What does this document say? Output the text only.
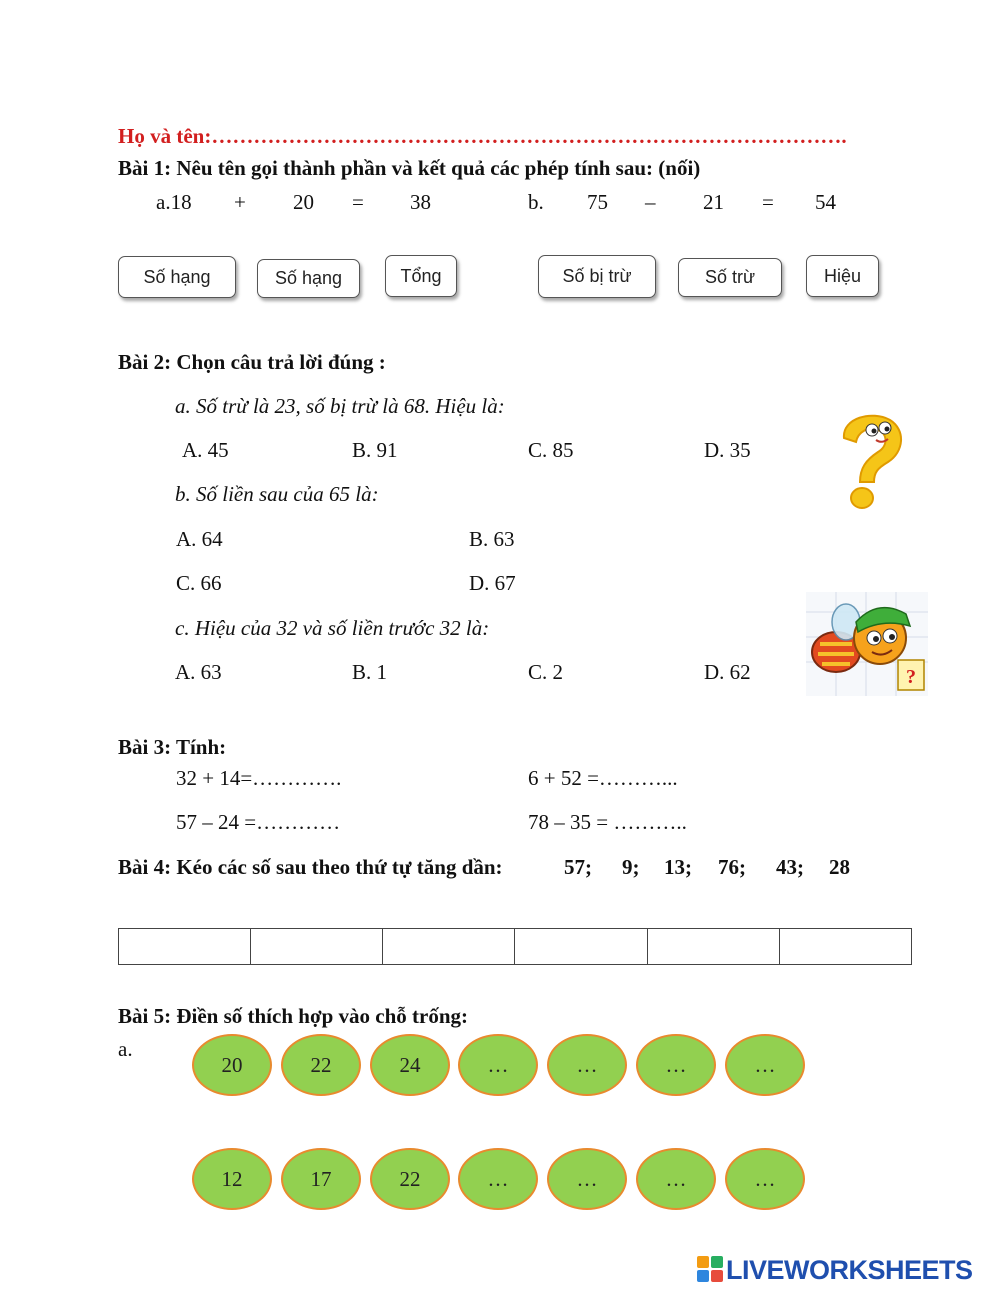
Họ và tên:……………………………………………………………………………….
Bài 1: Nêu tên gọi thành phần và kết quả các phép tính sau: (nối)
a.18 + 20 = 38	b. 75 – 21 = 54
Số hạng	Số hạng	Tổng	Số bị trừ	Số trừ	Hiệu
Bài 2: Chọn câu trả lời đúng :
a. Số trừ là 23, số bị trừ là 68. Hiệu là:
A. 45	B. 91	C. 85	D. 35
b. Số liền sau của 65 là:
A. 64	B. 63
C. 66	D. 67
c. Hiệu của 32 và số liền trước 32 là:
A. 63	B. 1	C. 2	D. 62	?
Bài 3: Tính:
32 + 14=………….	6 + 52 =………...
57 – 24 =…………	78 – 35 = ………..
Bài 4: Kéo các số sau theo thứ tự tăng dần:	57; 9; 13; 76; 43; 28

Bài 5: Điền số thích hợp vào chỗ trống:
a.
20	22	24	…	…	…	…
12	17	22	…	…	…	…
LIVEWORKSHEETS
